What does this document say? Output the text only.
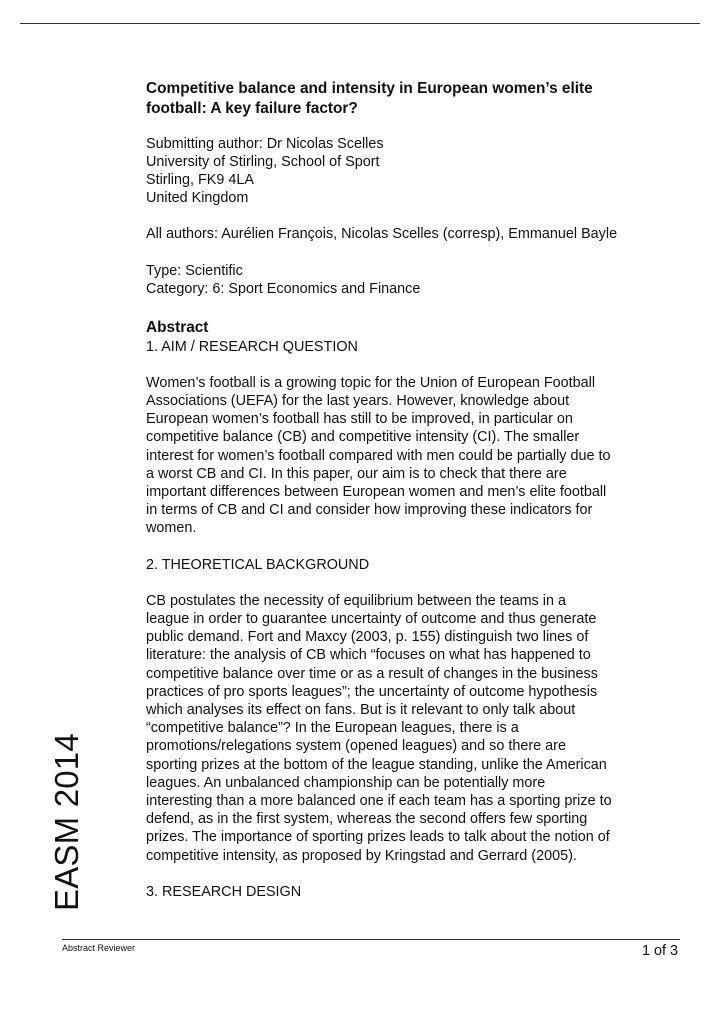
EASM 2014
Competitive balance and intensity in European women’s elite
football: A key failure factor?
Submitting author: Dr Nicolas Scelles
University of Stirling, School of Sport
Stirling, FK9 4LA
United Kingdom
All authors: Aurélien François, Nicolas Scelles (corresp), Emmanuel Bayle
Type: Scientific
Category: 6: Sport Economics and Finance
Abstract
1. AIM / RESEARCH QUESTION
Women’s football is a growing topic for the Union of European Football
Associations (UEFA) for the last years. However, knowledge about
European women’s football has still to be improved, in particular on
competitive balance (CB) and competitive intensity (CI). The smaller
interest for women’s football compared with men could be partially due to
a worst CB and CI. In this paper, our aim is to check that there are
important differences between European women and men’s elite football
in terms of CB and CI and consider how improving these indicators for
women.
2. THEORETICAL BACKGROUND
CB postulates the necessity of equilibrium between the teams in a
league in order to guarantee uncertainty of outcome and thus generate
public demand. Fort and Maxcy (2003, p. 155) distinguish two lines of
literature: the analysis of CB which “focuses on what has happened to
competitive balance over time or as a result of changes in the business
practices of pro sports leagues”; the uncertainty of outcome hypothesis
which analyses its effect on fans. But is it relevant to only talk about
“competitive balance”? In the European leagues, there is a
promotions/relegations system (opened leagues) and so there are
sporting prizes at the bottom of the league standing, unlike the American
leagues. An unbalanced championship can be potentially more
interesting than a more balanced one if each team has a sporting prize to
defend, as in the first system, whereas the second offers few sporting
prizes. The importance of sporting prizes leads to talk about the notion of
competitive intensity, as proposed by Kringstad and Gerrard (2005).
3. RESEARCH DESIGN
Abstract Reviewer	1 of 3
